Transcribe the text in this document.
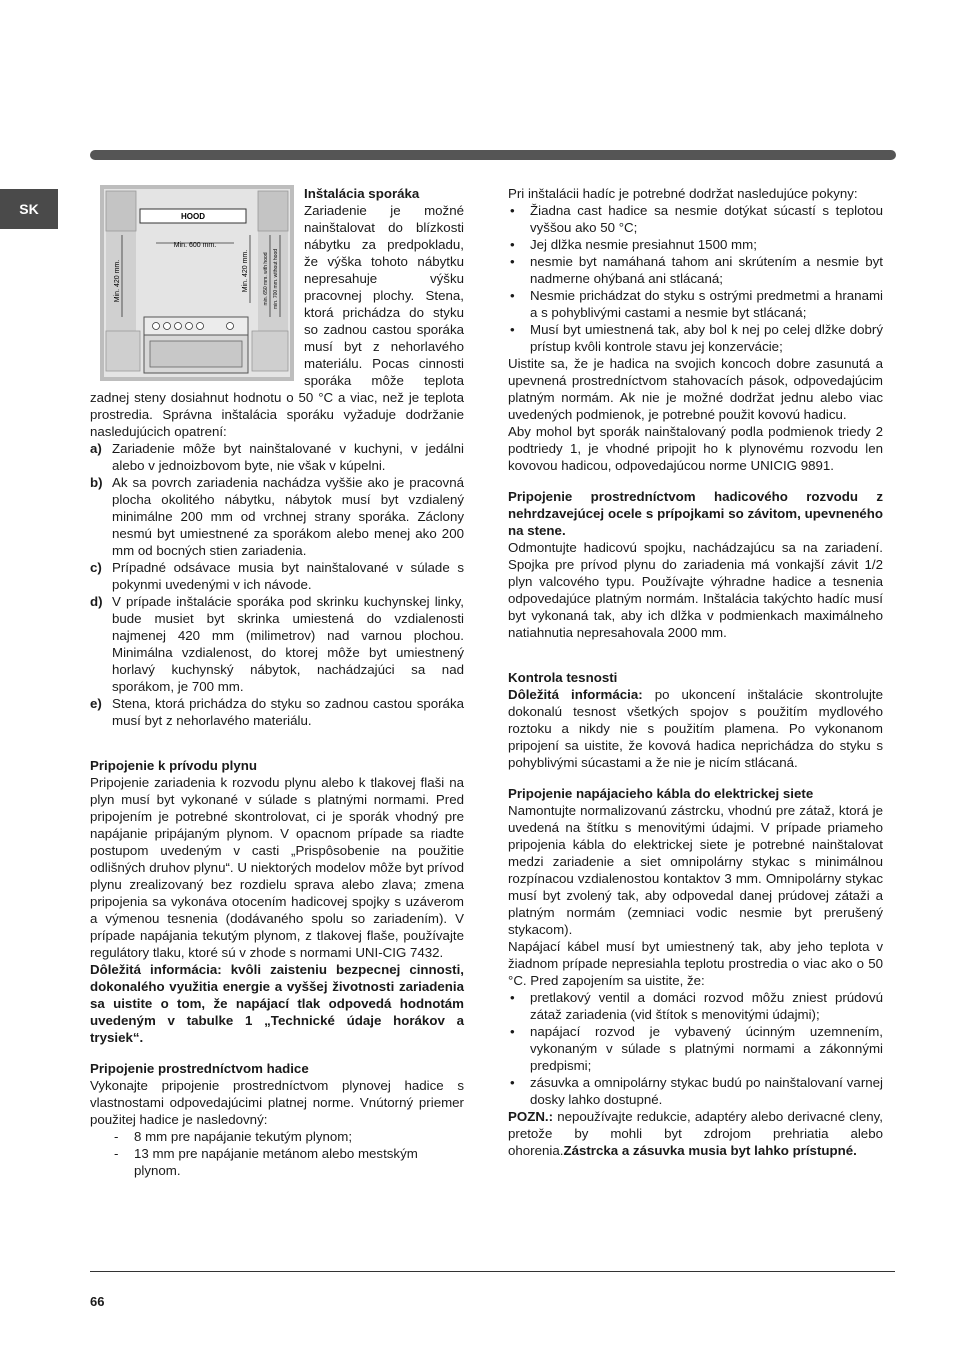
SK	HOOD
Min. 600 mm.
Min. 420 mm.	Min. 420 mm.	min. 650 mm. with hood min. 700 mm. without hood

Inštalácia sporáka

Zariadenie je možné nainštalovat do blízkosti nábytku za predpokladu, že výška tohoto nábytku nepresahuje výšku pracovnej plochy. Stena, ktorá prichádza do styku so zadnou castou sporáka musí byt z nehorlavého materiálu. Pocas cinnosti sporáka môže teplota zadnej steny dosiahnut hodnotu o 50 °C a viac, než je teplota prostredia. Správna inštalácia sporáku vyžaduje dodržanie nasledujúcich opatrení:

a) Zariadenie môže byt nainštalované v kuchyni, v jedálni alebo v jednoizbovom byte, nie však v kúpelni.
b) Ak sa povrch zariadenia nachádza vyššie ako je pracovná plocha okolitého nábytku, nábytok musí byt vzdialený minimálne 200 mm od vrchnej strany sporáka. Záclony nesmú byt umiestnené za sporákom alebo menej ako 200 mm od bocných stien zariadenia.
c) Prípadné odsávace musia byt nainštalované v súlade s pokynmi uvedenými v ich návode.
d) V prípade inštalácie sporáka pod skrinku kuchynskej linky, bude musiet byt skrinka umiestená do vzdialenosti najmenej 420 mm (milimetrov) nad varnou plochou. Minimálna vzdialenost, do ktorej môže byt umiestnený horlavý kuchynský nábytok, nachádzajúci sa nad sporákom, je 700 mm.
e) Stena, ktorá prichádza do styku so zadnou castou sporáka musí byt z nehorlavého materiálu.

Pripojenie k prívodu plynu

Pripojenie zariadenia k rozvodu plynu alebo k tlakovej flaši na plyn musí byt vykonané v súlade s platnými normami. Pred pripojením je potrebné skontrolovat, ci je sporák vhodný pre napájanie pripájaným plynom. V opacnom prípade sa riadte postupom uvedeným v casti „Prispôsobenie na použitie odlišných druhov plynu“. U niektorých modelov môže byt prívod plynu zrealizovaný bez rozdielu sprava alebo zlava; zmena pripojenia sa vykonáva otocením hadicovej spojky s uzáverom a výmenou tesnenia (dodávaného spolu so zariadením). V prípade napájania tekutým plynom, z tlakovej flaše, používajte regulátory tlaku, ktoré sú v zhode s normami UNI-CIG 7432.

Dôležitá informácia: kvôli zaisteniu bezpecnej cinnosti, dokonalého využitia energie a vyššej životnosti zariadenia sa uistite o tom, že napájací tlak odpovedá hodnotám uvedeným v tabulke 1 „Technické údaje horákov a trysiek“.

Pripojenie prostredníctvom hadice

Vykonajte pripojenie prostredníctvom plynovej hadice s vlastnostami odpovedajúcimi platnej norme. Vnútorný priemer použitej hadice je nasledovný:

- 8 mm pre napájanie tekutým plynom;
- 13 mm pre napájanie metánom alebo mestským plynom.

Pri inštalácii hadíc je potrebné dodržat nasledujúce pokyny:

• Žiadna cast hadice sa nesmie dotýkat súcastí s teplotou vyššou ako 50 °C;
• Jej dlžka nesmie presiahnut 1500 mm;
• nesmie byt namáhaná tahom ani skrútením a nesmie byt nadmerne ohýbaná ani stlácaná;
• Nesmie prichádzat do styku s ostrými predmetmi a hranami a s pohyblivými castami a nesmie byt stlácaná;
• Musí byt umiestnená tak, aby bol k nej po celej dlžke dobrý prístup kvôli kontrole stavu jej konzervácie;

Uistite sa, že je hadica na svojich koncoch dobre zasunutá a upevnená prostredníctvom stahovacích pások, odpovedajúcim platným normám. Ak nie je možné dodržat jednu alebo viac uvedených podmienok, je potrebné použit kovovú hadicu.

Aby mohol byt sporák nainštalovaný podla podmienok triedy 2 podtriedy 1, je vhodné pripojit ho k plynovému rozvodu len kovovou hadicou, odpovedajúcou norme UNICIG 9891.

Pripojenie prostredníctvom hadicového rozvodu z nehrdzavejúcej ocele s prípojkami so závitom, upevneného na stene.

Odmontujte hadicovú spojku, nachádzajúcu sa na zariadení. Spojka pre prívod plynu do zariadenia má vonkajší závit 1/2 plyn valcového typu. Používajte výhradne hadice a tesnenia odpovedajúce platným normám. Inštalácia takýchto hadíc musí byt vykonaná tak, aby ich dlžka v podmienkach maximálneho natiahnutia nepresahovala 2000 mm.

Kontrola tesnosti

Dôležitá informácia: po ukoncení inštalácie skontrolujte dokonalú tesnost všetkých spojov s použitím mydlového roztoku a nikdy nie s použitím plamena. Po vykonanom pripojení sa uistite, že kovová hadica neprichádza do styku s pohyblivými súcastami a že nie je nicím stlácaná.

Pripojenie napájacieho kábla do elektrickej siete

Namontujte normalizovanú zástrcku, vhodnú pre zátaž, ktorá je uvedená na štítku s menovitými údajmi. V prípade priameho pripojenia kábla do elektrickej siete je potrebné nainštalovat medzi zariadenie a siet omnipolárny stykac s minimálnou rozpínacou vzdialenostou kontaktov 3 mm. Omnipolárny stykac musí byt zvolený tak, aby odpovedal danej prúdovej zátaži a platným normám (zemniaci vodic nesmie byt prerušený stykacom).

Napájací kábel musí byt umiestnený tak, aby jeho teplota v žiadnom prípade nepresiahla teplotu prostredia o viac ako o 50 °C. Pred zapojením sa uistite, že:

• pretlakový ventil a domáci rozvod môžu zniest prúdovú zátaž zariadenia (vid štítok s menovitými údajmi);
• napájací rozvod je vybavený úcinným uzemnením, vykonaným v súlade s platnými normami a zákonnými predpismi;
• zásuvka a omnipolárny stykac budú po nainštalovaní varnej dosky lahko dostupné.

POZN.: nepoužívajte redukcie, adaptéry alebo derivacné cleny, pretože by mohli byt zdrojom prehriatia alebo ohorenia.Zástrcka a zásuvka musia byt lahko prístupné.

66
